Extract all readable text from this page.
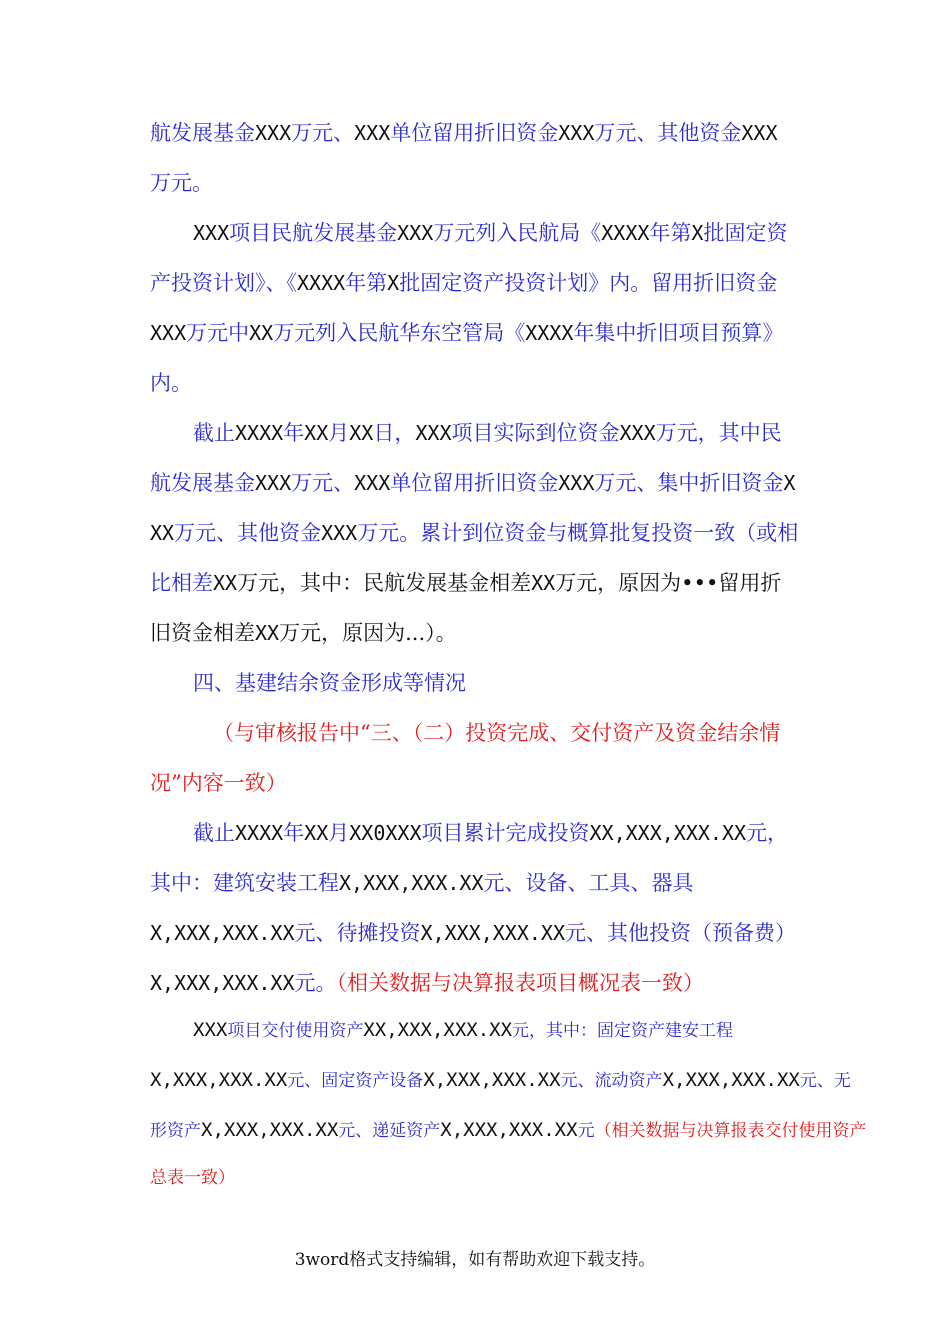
航发展基金XXX万元、XXX单位留用折旧资金XXX万元、其他资金XXX
万元。
XXX项目民航发展基金XXX万元列入民航局《XXXX年第X批固定资
产投资计划》、《XXXX年第X批固定资产投资计划》内。留用折旧资金
XXX万元中XX万元列入民航华东空管局《XXXX年集中折旧项目预算》
内。
截止XXXX年XX月XX日，XXX项目实际到位资金XXX万元，其中民
航发展基金XXX万元、XXX单位留用折旧资金XXX万元、集中折旧资金X
XX万元、其他资金XXX万元。累计到位资金与概算批复投资一致（或相
比相差XX万元，其中：民航发展基金相差XX万元，原因为•••留用折
旧资金相差XX万元，原因为...）。
四、基建结余资金形成等情况
（与审核报告中“三、（二）投资完成、交付资产及资金结余情
况”内容一致）
截止XXXX年XX月XX0XXX项目累计完成投资XX,XXX,XXX.XX元，
其中：建筑安装工程X,XXX,XXX.XX元、设备、工具、器具
X,XXX,XXX.XX元、待摊投资X,XXX,XXX.XX元、其他投资（预备费）
X,XXX,XXX.XX元。（相关数据与决算报表项目概况表一致）
XXX项目交付使用资产XX,XXX,XXX.XX元，其中：固定资产建安工程
X,XXX,XXX.XX元、固定资产设备X,XXX,XXX.XX元、流动资产X,XXX,XXX.XX元、无
形资产X,XXX,XXX.XX元、递延资产X,XXX,XXX.XX元（相关数据与决算报表交付使用资产
总表一致）
3word格式支持编辑，如有帮助欢迎下载支持。
